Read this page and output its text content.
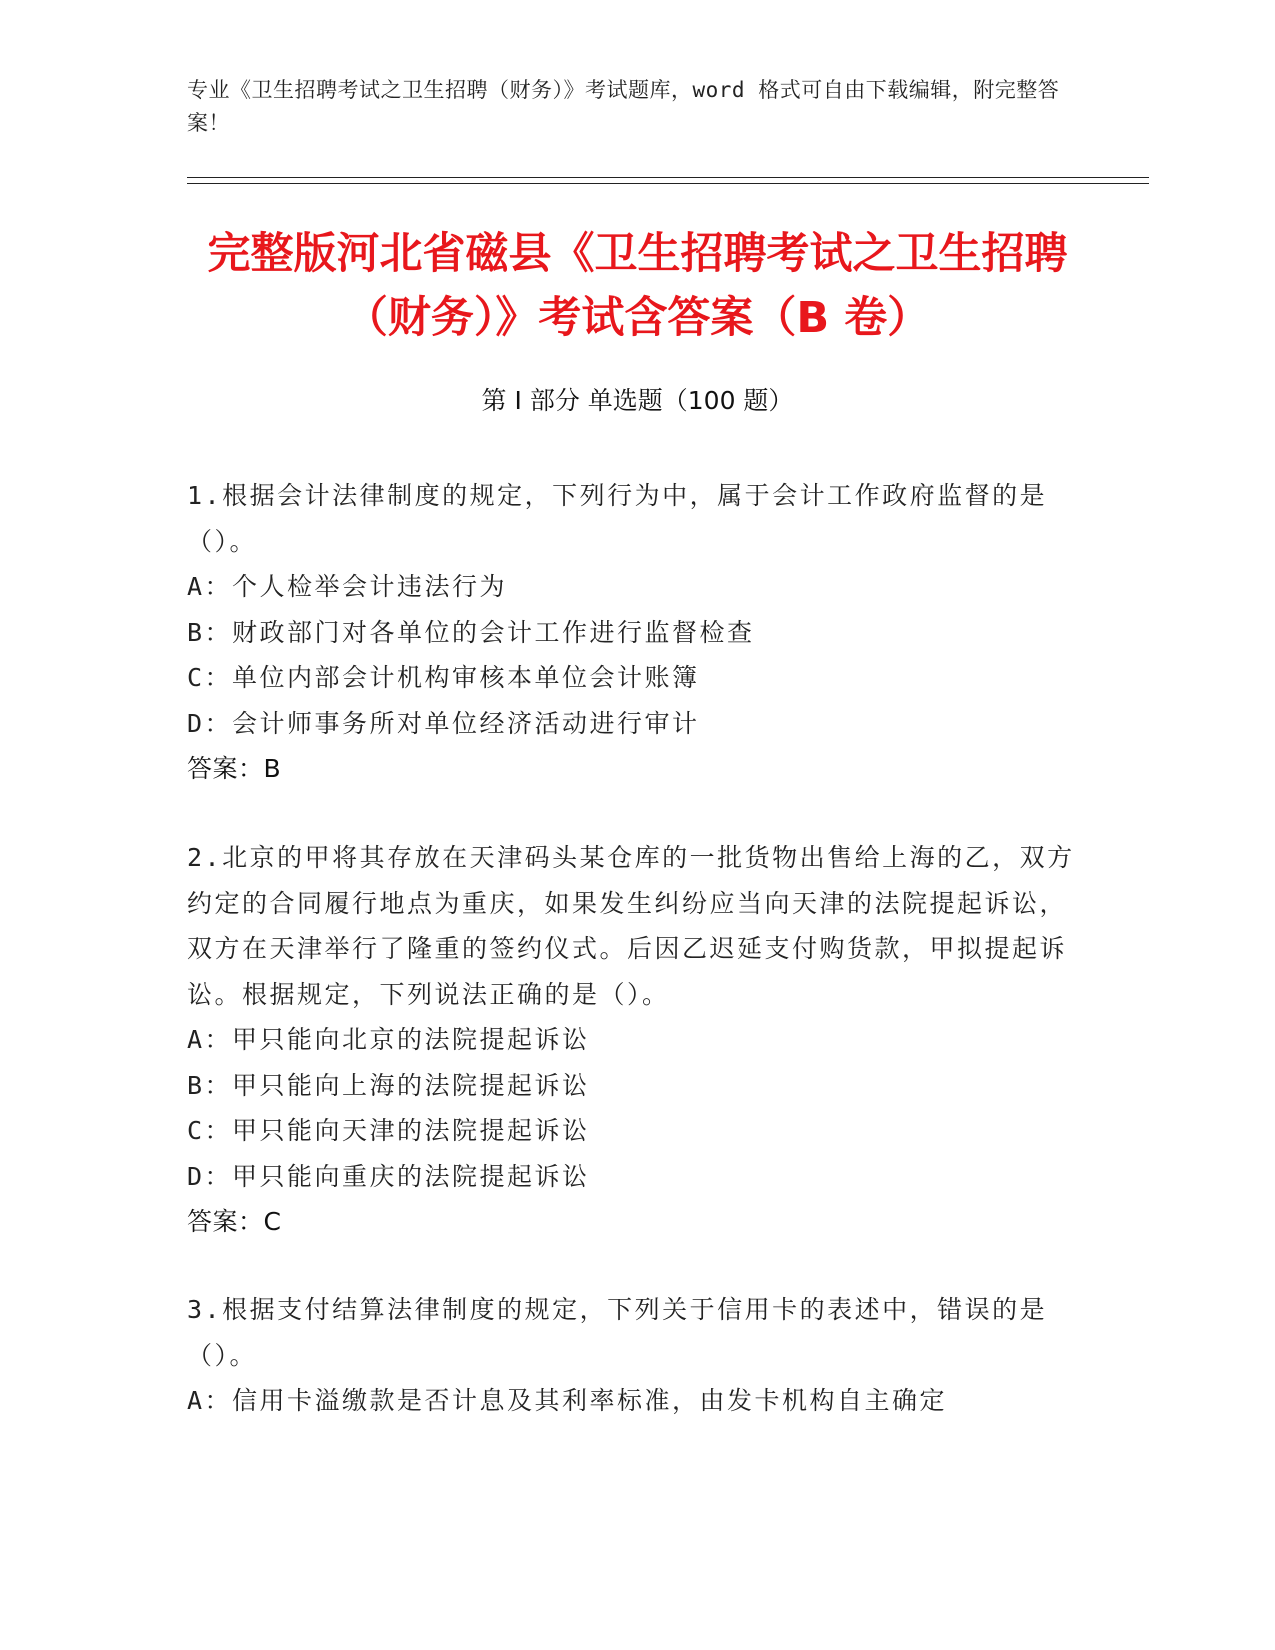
专业《卫生招聘考试之卫生招聘（财务）》考试题库，word 格式可自由下载编辑，附完整答案！
完整版河北省磁县《卫生招聘考试之卫生招聘（财务）》考试含答案（B 卷）
第 I 部分 单选题（100 题）

1.根据会计法律制度的规定，下列行为中，属于会计工作政府监督的是（）。

A：个人检举会计违法行为

B：财政部门对各单位的会计工作进行监督检查

C：单位内部会计机构审核本单位会计账簿

D：会计师事务所对单位经济活动进行审计

答案：B

2.北京的甲将其存放在天津码头某仓库的一批货物出售给上海的乙，双方约定的合同履行地点为重庆，如果发生纠纷应当向天津的法院提起诉讼，双方在天津举行了隆重的签约仪式。后因乙迟延支付购货款，甲拟提起诉讼。根据规定，下列说法正确的是（）。

A：甲只能向北京的法院提起诉讼

B：甲只能向上海的法院提起诉讼

C：甲只能向天津的法院提起诉讼

D：甲只能向重庆的法院提起诉讼

答案：C

3.根据支付结算法律制度的规定，下列关于信用卡的表述中，错误的是（）。

A：信用卡溢缴款是否计息及其利率标准，由发卡机构自主确定
